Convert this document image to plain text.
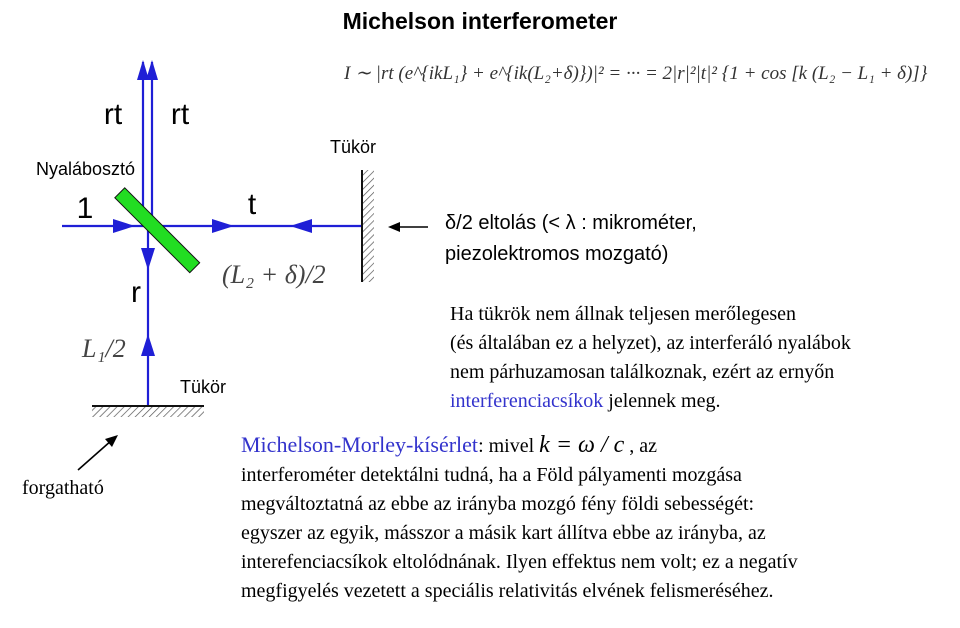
Michelson interferometer
rt rt
Nyalábosztó
1	t
r
Tükör
Tükör
(L₂ + δ)/2
L₁/2
forgatható
I ∼ |rt (e^{ikL₁} + e^{ik(L₂+δ)})|² = ··· = 2|r|²|t|² {1 + cos [k (L₂ − L₁ + δ)]}
δ/2 eltolás (< λ : mikrométer,
piezolektromos mozgató)
Ha tükrök nem állnak teljesen merőlegesen
(és általában ez a helyzet), az interferáló nyalábok
nem párhuzamosan találkoznak, ezért az ernyőn
interferenciacsíkok jelennek meg.
Michelson-Morley-kísérlet: mivel k = ω / c , az
interferométer detektálni tudná, ha a Föld pályamenti mozgása
megváltoztatná az ebbe az irányba mozgó fény földi sebességét:
egyszer az egyik, másszor a másik kart állítva ebbe az irányba, az
interefenciacsíkok eltolódnának. Ilyen effektus nem volt; ez a negatív
megfigyelés vezetett a speciális relativitás elvének felismeréséhez.
